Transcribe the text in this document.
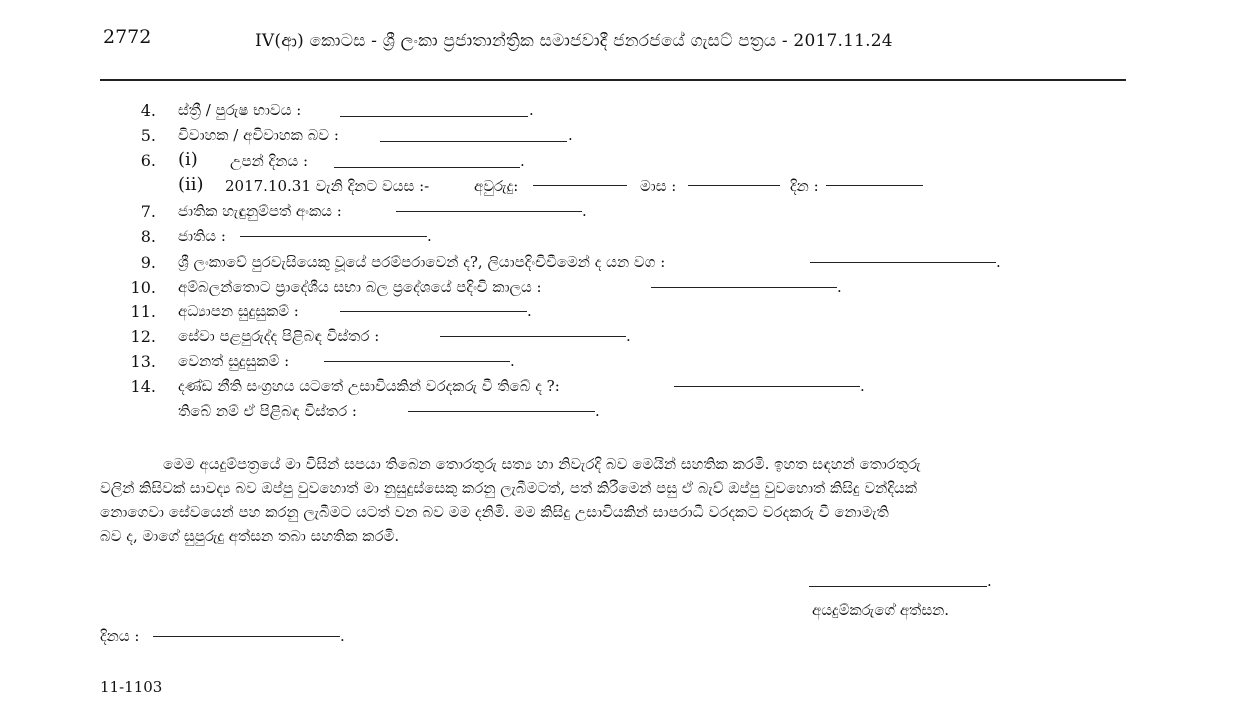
2772	IV(ආ) කොටස - ශ්‍රී ලංකා ප්‍රජාතාන්ත්‍රික සමාජවාදී ජනරජයේ ගැසට් පත්‍රය - 2017.11.24
4. ස්ත්‍රී / පුරුෂ භාවය :	.
5. විවාහක / අවිවාහක බව :	.
6. (i) උපන් දිනය :	.
(ii) 2017.10.31 වැනි දිනට වයස :-	අවුරුදු:	මාස :	දින :
7. ජාතික හැඳුනුම්පත් අංකය :	.
8. ජාතිය :	.
9. ශ්‍රී ලංකාවේ පුරවැසියෙකු වූයේ පරම්පරාවෙන් ද?, ලියාපදිංචිවීමෙන් ද යන වග :	.
10. අම්බලන්තොට ප්‍රාදේශීය සභා බල ප්‍රදේශයේ පදිංචි කාලය :	.
11. අධ්‍යාපන සුදුසුකම් :	.
12. සේවා පළපුරුද්ද පිළිබඳ විස්තර :	.
13. වෙනත් සුදුසුකම් :	.
14. දණ්ඩ නීති සංග්‍රහය යටතේ උසාවියකින් වරදකරු වී තිබේ ද ?:	.
තිබේ නම් ඒ පිළිබඳ විස්තර :	.
මෙම අයදුම්පත්‍රයේ මා විසින් සපයා තිබෙන තොරතුරු සත්‍ය හා නිවැරදි බව මෙයින් සහතික කරමි. ඉහත සඳහන් තොරතුරු
වලින් කිසිවක් සාවද්‍ය බව ඔප්පු වුවහොත් මා නුසුදුස්සෙකු කරනු ලැබීමටත්, පත් කිරීමෙන් පසු ඒ බැව් ඔප්පු වුවහොත් කිසිදු වන්දියක්
නොගෙවා සේවයෙන් පහ කරනු ලැබීමට යටත් වන බව මම දනිමි. මම කිසිදු උසාවියකින් සාපරාධී වරදකට වරදකරු වී නොමැති
බව ද, මාගේ සුපුරුදු අත්සන තබා සහතික කරමි.
.
අයදුම්කරුගේ අත්සන.
දිනය :	.
11-1103
